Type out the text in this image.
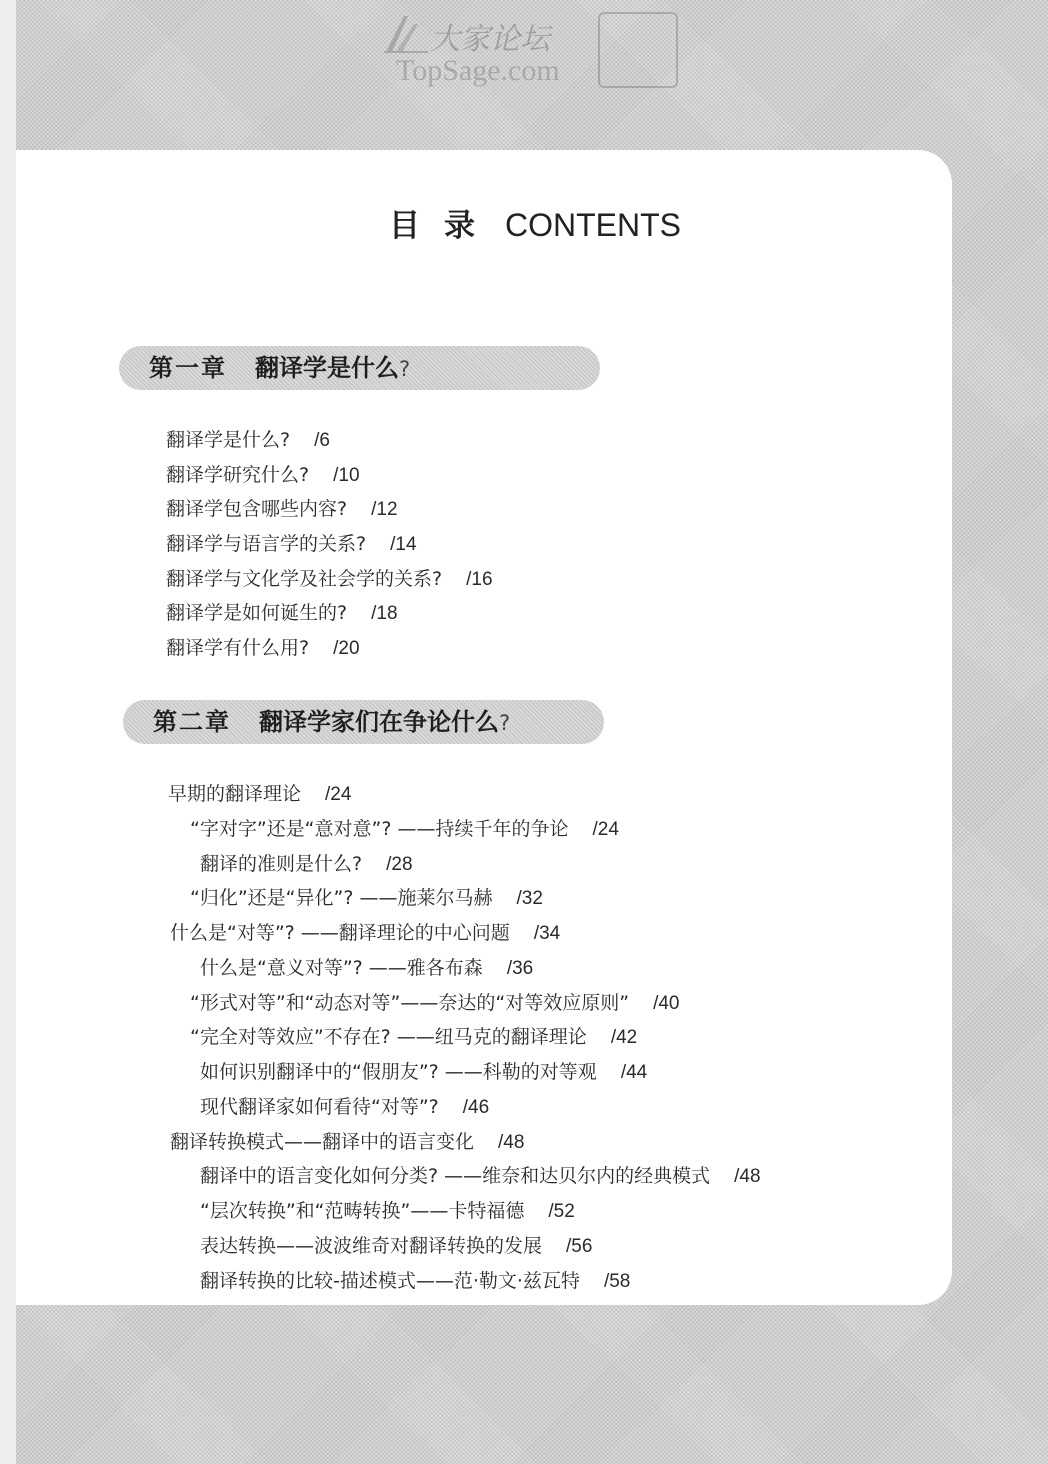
大家论坛
TopSage.com
目录 CONTENTS
第一章 翻译学是什么?
翻译学是什么? /6
翻译学研究什么? /10
翻译学包含哪些内容? /12
翻译学与语言学的关系? /14
翻译学与文化学及社会学的关系? /16
翻译学是如何诞生的? /18
翻译学有什么用? /20
第二章 翻译学家们在争论什么?
早期的翻译理论 /24
“字对字”还是“意对意”? ——持续千年的争论 /24
翻译的准则是什么? /28
“归化”还是“异化”? ——施莱尔马赫 /32
什么是“对等”? ——翻译理论的中心问题 /34
什么是“意义对等”? ——雅各布森 /36
“形式对等”和“动态对等”——奈达的“对等效应原则” /40
“完全对等效应”不存在? ——纽马克的翻译理论 /42
如何识别翻译中的“假朋友”? ——科勒的对等观 /44
现代翻译家如何看待“对等”? /46
翻译转换模式——翻译中的语言变化 /48
翻译中的语言变化如何分类? ——维奈和达贝尔内的经典模式 /48
“层次转换”和“范畴转换”——卡特福德 /52
表达转换——波波维奇对翻译转换的发展 /56
翻译转换的比较-描述模式——范·勒文·兹瓦特 /58
